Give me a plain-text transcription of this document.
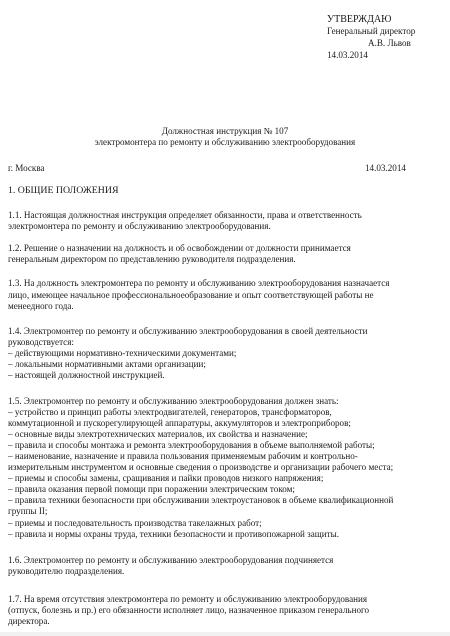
УТВЕРЖДАЮ
Генеральный директор
А.В. Львов
14.03.2014
Должностная инструкция № 107
электромонтера по ремонту и обслуживанию электрооборудования
г. Москва	14.03.2014
1. ОБЩИЕ ПОЛОЖЕНИЯ
1.1. Настоящая должностная инструкция определяет обязанности, права и ответственность
электромонтера по ремонту и обслуживанию электрооборудования.
1.2. Решение о назначении на должность и об освобождении от должности принимается
генеральным директором по представлению руководителя подразделения.
1.3. На должность электромонтера по ремонту и обслуживанию электрооборудования назначается
лицо, имеющее начальное профессиональноеобразование и опыт соответствующей работы не
менеедного года.
1.4. Электромонтер по ремонту и обслуживанию электрооборудования в своей деятельности
руководствуется:
– действующими нормативно-техническими документами;
– локальными нормативными актами организации;
– настоящей должностной инструкцией.
1.5. Электромонтер по ремонту и обслуживанию электрооборудования должен знать:
– устройство и принцип работы электродвигателей, генераторов, трансформаторов,
коммутационной и пускорегулирующей аппаратуры, аккумуляторов и электроприборов;
– основные виды электротехнических материалов, их свойства и назначение;
– правила и способы монтажа и ремонта электрооборудования в объеме выполняемой работы;
– наименование, назначение и правила пользования применяемым рабочим и контрольно-
измерительным инструментом и основные сведения о производстве и организации рабочего места;
– приемы и способы замены, сращивания и пайки проводов низкого напряжения;
– правила оказания первой помощи при поражении электрическим током;
– правила техники безопасности при обслуживании электроустановок в объеме квалификационной
группы II;
– приемы и последовательность производства такелажных работ;
– правила и нормы охраны труда, техники безопасности и противопожарной защиты.
1.6. Электромонтер по ремонту и обслуживанию электрооборудования подчиняется
руководителю подразделения.
1.7. На время отсутствия электромонтера по ремонту и обслуживанию электрооборудования
(отпуск, болезнь и пр.) его обязанности исполняет лицо, назначенное приказом генерального
директора.
